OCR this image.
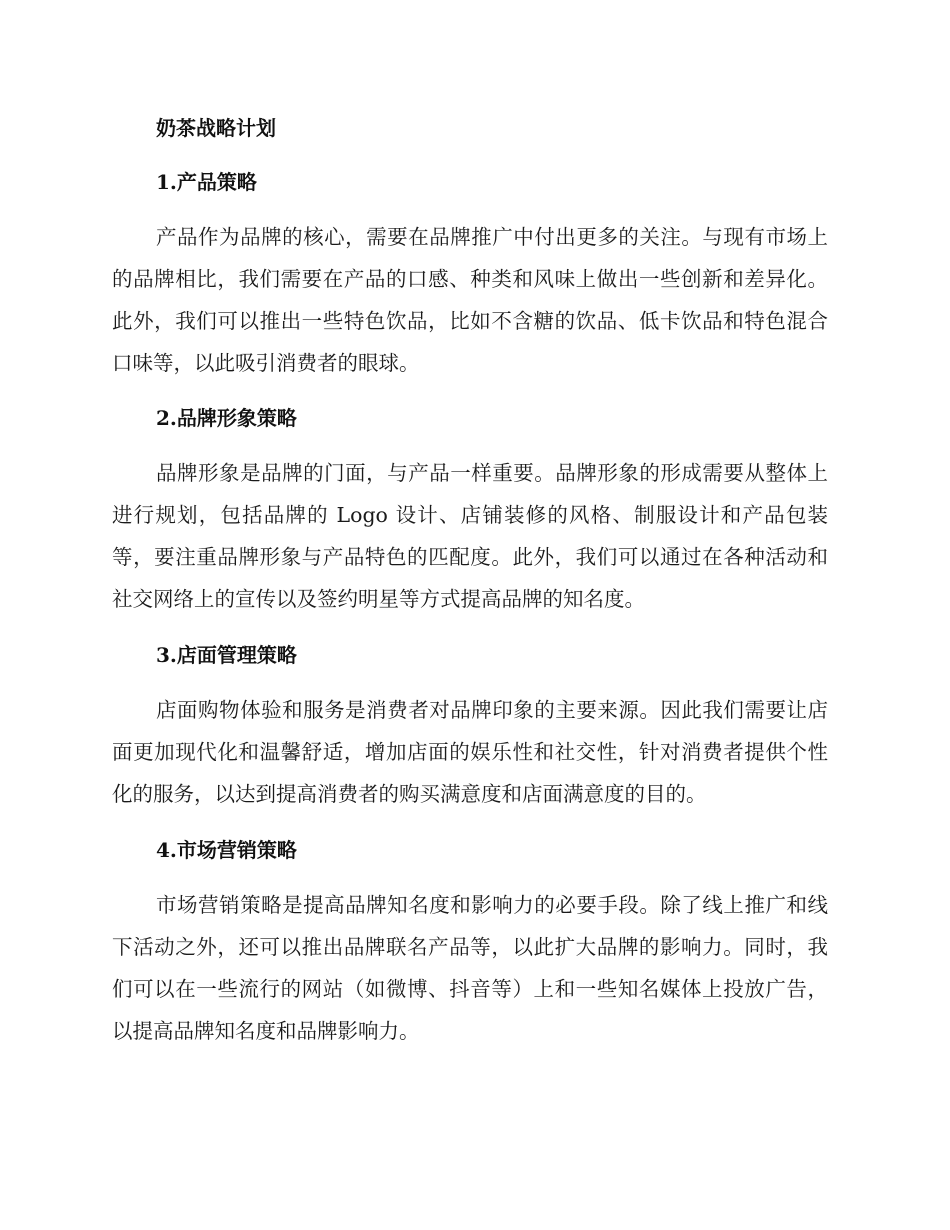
奶茶战略计划
1.产品策略

产品作为品牌的核心，需要在品牌推广中付出更多的关注。与现有市场上的品牌相比，我们需要在产品的口感、种类和风味上做出一些创新和差异化。此外，我们可以推出一些特色饮品，比如不含糖的饮品、低卡饮品和特色混合口味等，以此吸引消费者的眼球。

2.品牌形象策略

品牌形象是品牌的门面，与产品一样重要。品牌形象的形成需要从整体上进行规划，包括品牌的 Logo 设计、店铺装修的风格、制服设计和产品包装等，要注重品牌形象与产品特色的匹配度。此外，我们可以通过在各种活动和社交网络上的宣传以及签约明星等方式提高品牌的知名度。

3.店面管理策略

店面购物体验和服务是消费者对品牌印象的主要来源。因此我们需要让店面更加现代化和温馨舒适，增加店面的娱乐性和社交性，针对消费者提供个性化的服务，以达到提高消费者的购买满意度和店面满意度的目的。

4.市场营销策略

市场营销策略是提高品牌知名度和影响力的必要手段。除了线上推广和线下活动之外，还可以推出品牌联名产品等，以此扩大品牌的影响力。同时，我们可以在一些流行的网站（如微博、抖音等）上和一些知名媒体上投放广告，以提高品牌知名度和品牌影响力。
